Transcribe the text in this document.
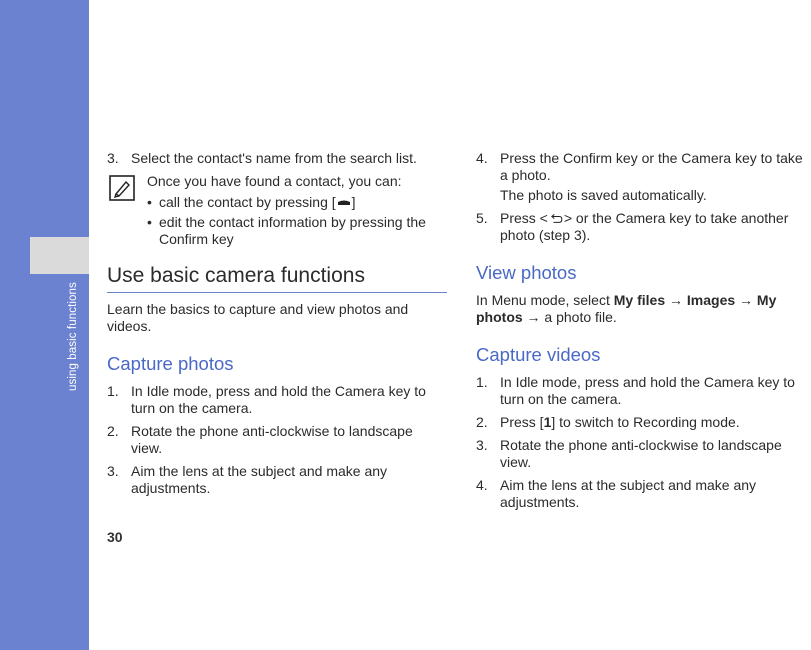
using basic functions
3. Select the contact's name from the search list.

Once you have found a contact, you can:

• call the contact by pressing [ ]
• edit the contact information by pressing the Confirm key
Use basic camera functions

Learn the basics to capture and view photos and videos.

Capture photos
1. In Idle mode, press and hold the Camera key to turn on the camera.
2. Rotate the phone anti-clockwise to landscape view.
3. Aim the lens at the subject and make any adjustments.
4. Press the Confirm key or the Camera key to take a photo.
The photo is saved automatically.
5. Press < > or the Camera key to take another photo (step 3).
View photos

In Menu mode, select My files → Images → My photos → a photo file.

Capture videos
1. In Idle mode, press and hold the Camera key to turn on the camera.
2. Press [1] to switch to Recording mode.
3. Rotate the phone anti-clockwise to landscape view.
4. Aim the lens at the subject and make any adjustments.
30
